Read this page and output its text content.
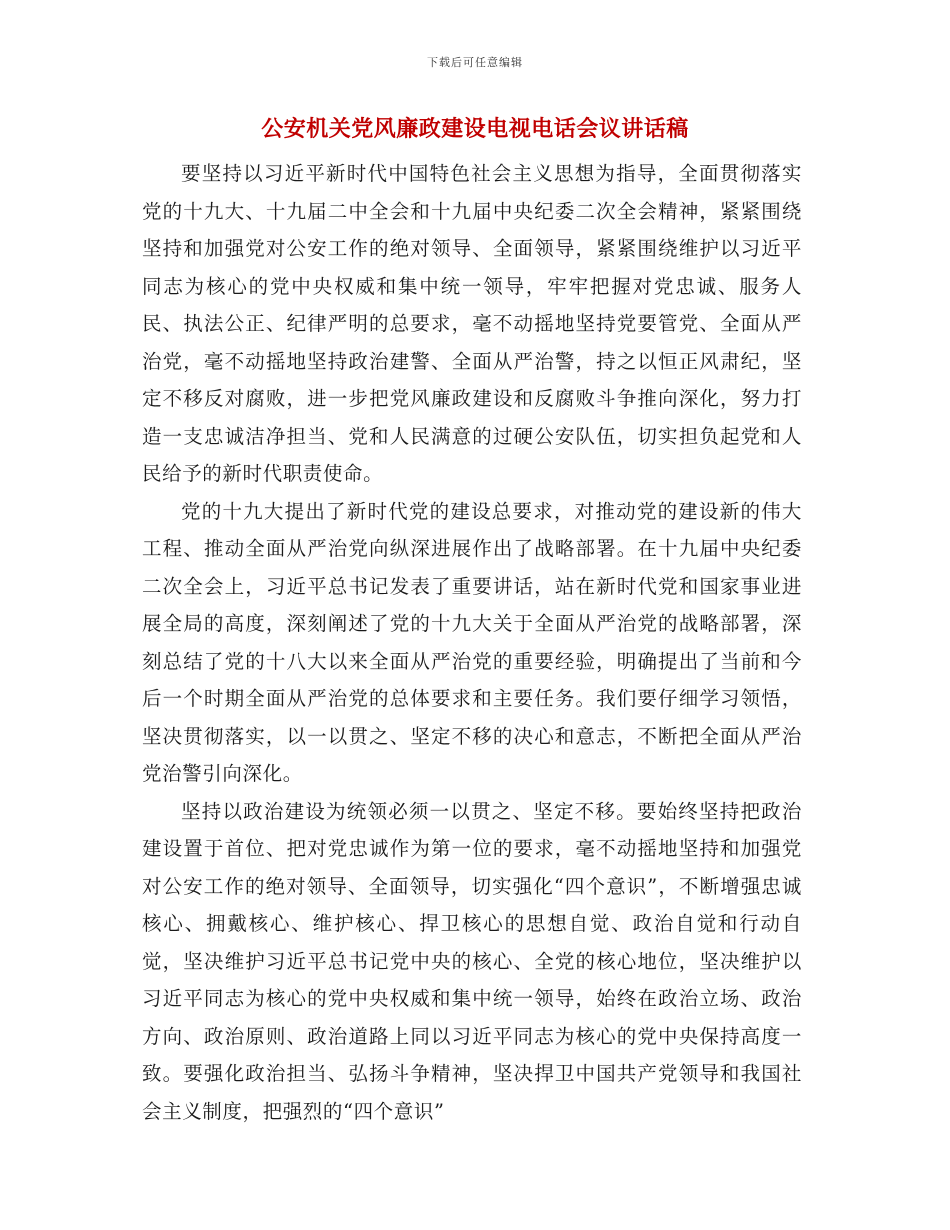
下载后可任意编辑
公安机关党风廉政建设电视电话会议讲话稿

要坚持以习近平新时代中国特色社会主义思想为指导，全面贯彻落实党的十九大、十九届二中全会和十九届中央纪委二次全会精神，紧紧围绕坚持和加强党对公安工作的绝对领导、全面领导，紧紧围绕维护以习近平同志为核心的党中央权威和集中统一领导，牢牢把握对党忠诚、服务人民、执法公正、纪律严明的总要求，毫不动摇地坚持党要管党、全面从严治党，毫不动摇地坚持政治建警、全面从严治警，持之以恒正风肃纪，坚定不移反对腐败，进一步把党风廉政建设和反腐败斗争推向深化，努力打造一支忠诚洁净担当、党和人民满意的过硬公安队伍，切实担负起党和人民给予的新时代职责使命。

党的十九大提出了新时代党的建设总要求，对推动党的建设新的伟大工程、推动全面从严治党向纵深进展作出了战略部署。在十九届中央纪委二次全会上，习近平总书记发表了重要讲话，站在新时代党和国家事业进展全局的高度，深刻阐述了党的十九大关于全面从严治党的战略部署，深刻总结了党的十八大以来全面从严治党的重要经验，明确提出了当前和今后一个时期全面从严治党的总体要求和主要任务。我们要仔细学习领悟，坚决贯彻落实，以一以贯之、坚定不移的决心和意志，不断把全面从严治党治警引向深化。

坚持以政治建设为统领必须一以贯之、坚定不移。要始终坚持把政治建设置于首位、把对党忠诚作为第一位的要求，毫不动摇地坚持和加强党对公安工作的绝对领导、全面领导，切实强化“四个意识”，不断增强忠诚核心、拥戴核心、维护核心、捍卫核心的思想自觉、政治自觉和行动自觉，坚决维护习近平总书记党中央的核心、全党的核心地位，坚决维护以习近平同志为核心的党中央权威和集中统一领导，始终在政治立场、政治方向、政治原则、政治道路上同以习近平同志为核心的党中央保持高度一致。要强化政治担当、弘扬斗争精神，坚决捍卫中国共产党领导和我国社会主义制度，把强烈的“四个意识”
